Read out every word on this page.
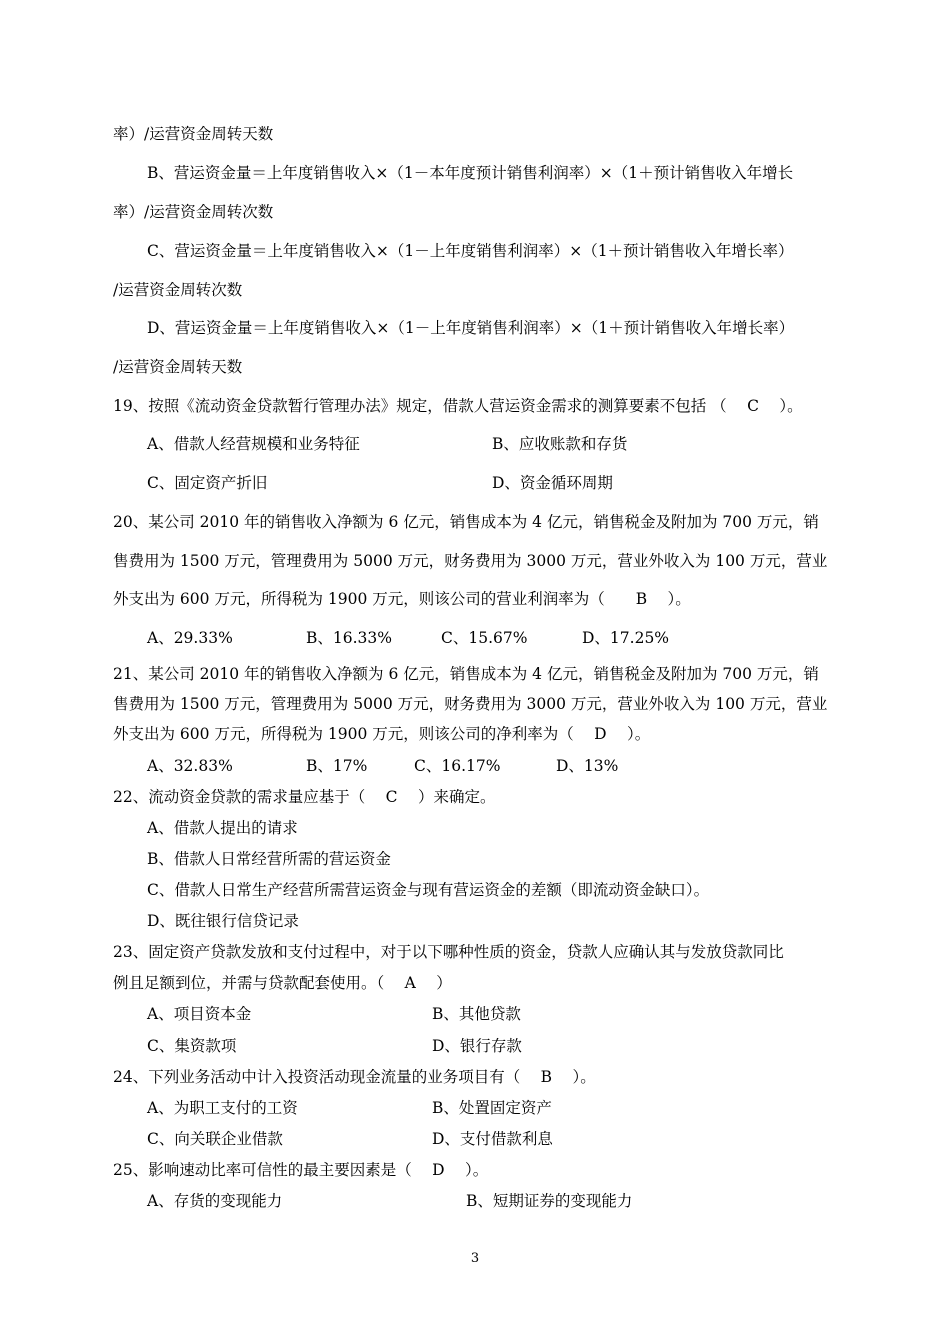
率）/运营资金周转天数
B、营运资金量＝上年度销售收入×（1－本年度预计销售利润率）×（1＋预计销售收入年增长
率）/运营资金周转次数
C、营运资金量＝上年度销售收入×（1－上年度销售利润率）×（1＋预计销售收入年增长率）
/运营资金周转次数
D、营运资金量＝上年度销售收入×（1－上年度销售利润率）×（1＋预计销售收入年增长率）
/运营资金周转天数
19、按照《流动资金贷款暂行管理办法》规定，借款人营运资金需求的测算要素不包括 （　 C　 ）。
A、借款人经营规模和业务特征	B、应收账款和存货
C、固定资产折旧	D、资金循环周期
20、某公司 2010 年的销售收入净额为 6 亿元，销售成本为 4 亿元，销售税金及附加为 700 万元，销
售费用为 1500 万元，管理费用为 5000 万元，财务费用为 3000 万元，营业外收入为 100 万元，营业
外支出为 600 万元，所得税为 1900 万元，则该公司的营业利润率为（　　B　 ）。
A、29.33%	B、16.33%	C、15.67%	D、17.25%
21、某公司 2010 年的销售收入净额为 6 亿元，销售成本为 4 亿元，销售税金及附加为 700 万元，销
售费用为 1500 万元，管理费用为 5000 万元，财务费用为 3000 万元，营业外收入为 100 万元，营业
外支出为 600 万元，所得税为 1900 万元，则该公司的净利率为（　 D　 ）。
A、32.83%	B、17%	C、16.17%	D、13%
22、流动资金贷款的需求量应基于（　 C　 ）来确定。
A、借款人提出的请求
B、借款人日常经营所需的营运资金
C、借款人日常生产经营所需营运资金与现有营运资金的差额（即流动资金缺口）。
D、既往银行信贷记录
23、固定资产贷款发放和支付过程中，对于以下哪种性质的资金，贷款人应确认其与发放贷款同比
例且足额到位，并需与贷款配套使用。（　 A　 ）
A、项目资本金	B、其他贷款
C、集资款项	D、银行存款
24、下列业务活动中计入投资活动现金流量的业务项目有（　 B　 ）。
A、为职工支付的工资	B、处置固定资产
C、向关联企业借款	D、支付借款利息
25、影响速动比率可信性的最主要因素是（　 D　 ）。
A、存货的变现能力	B、短期证券的变现能力
3
